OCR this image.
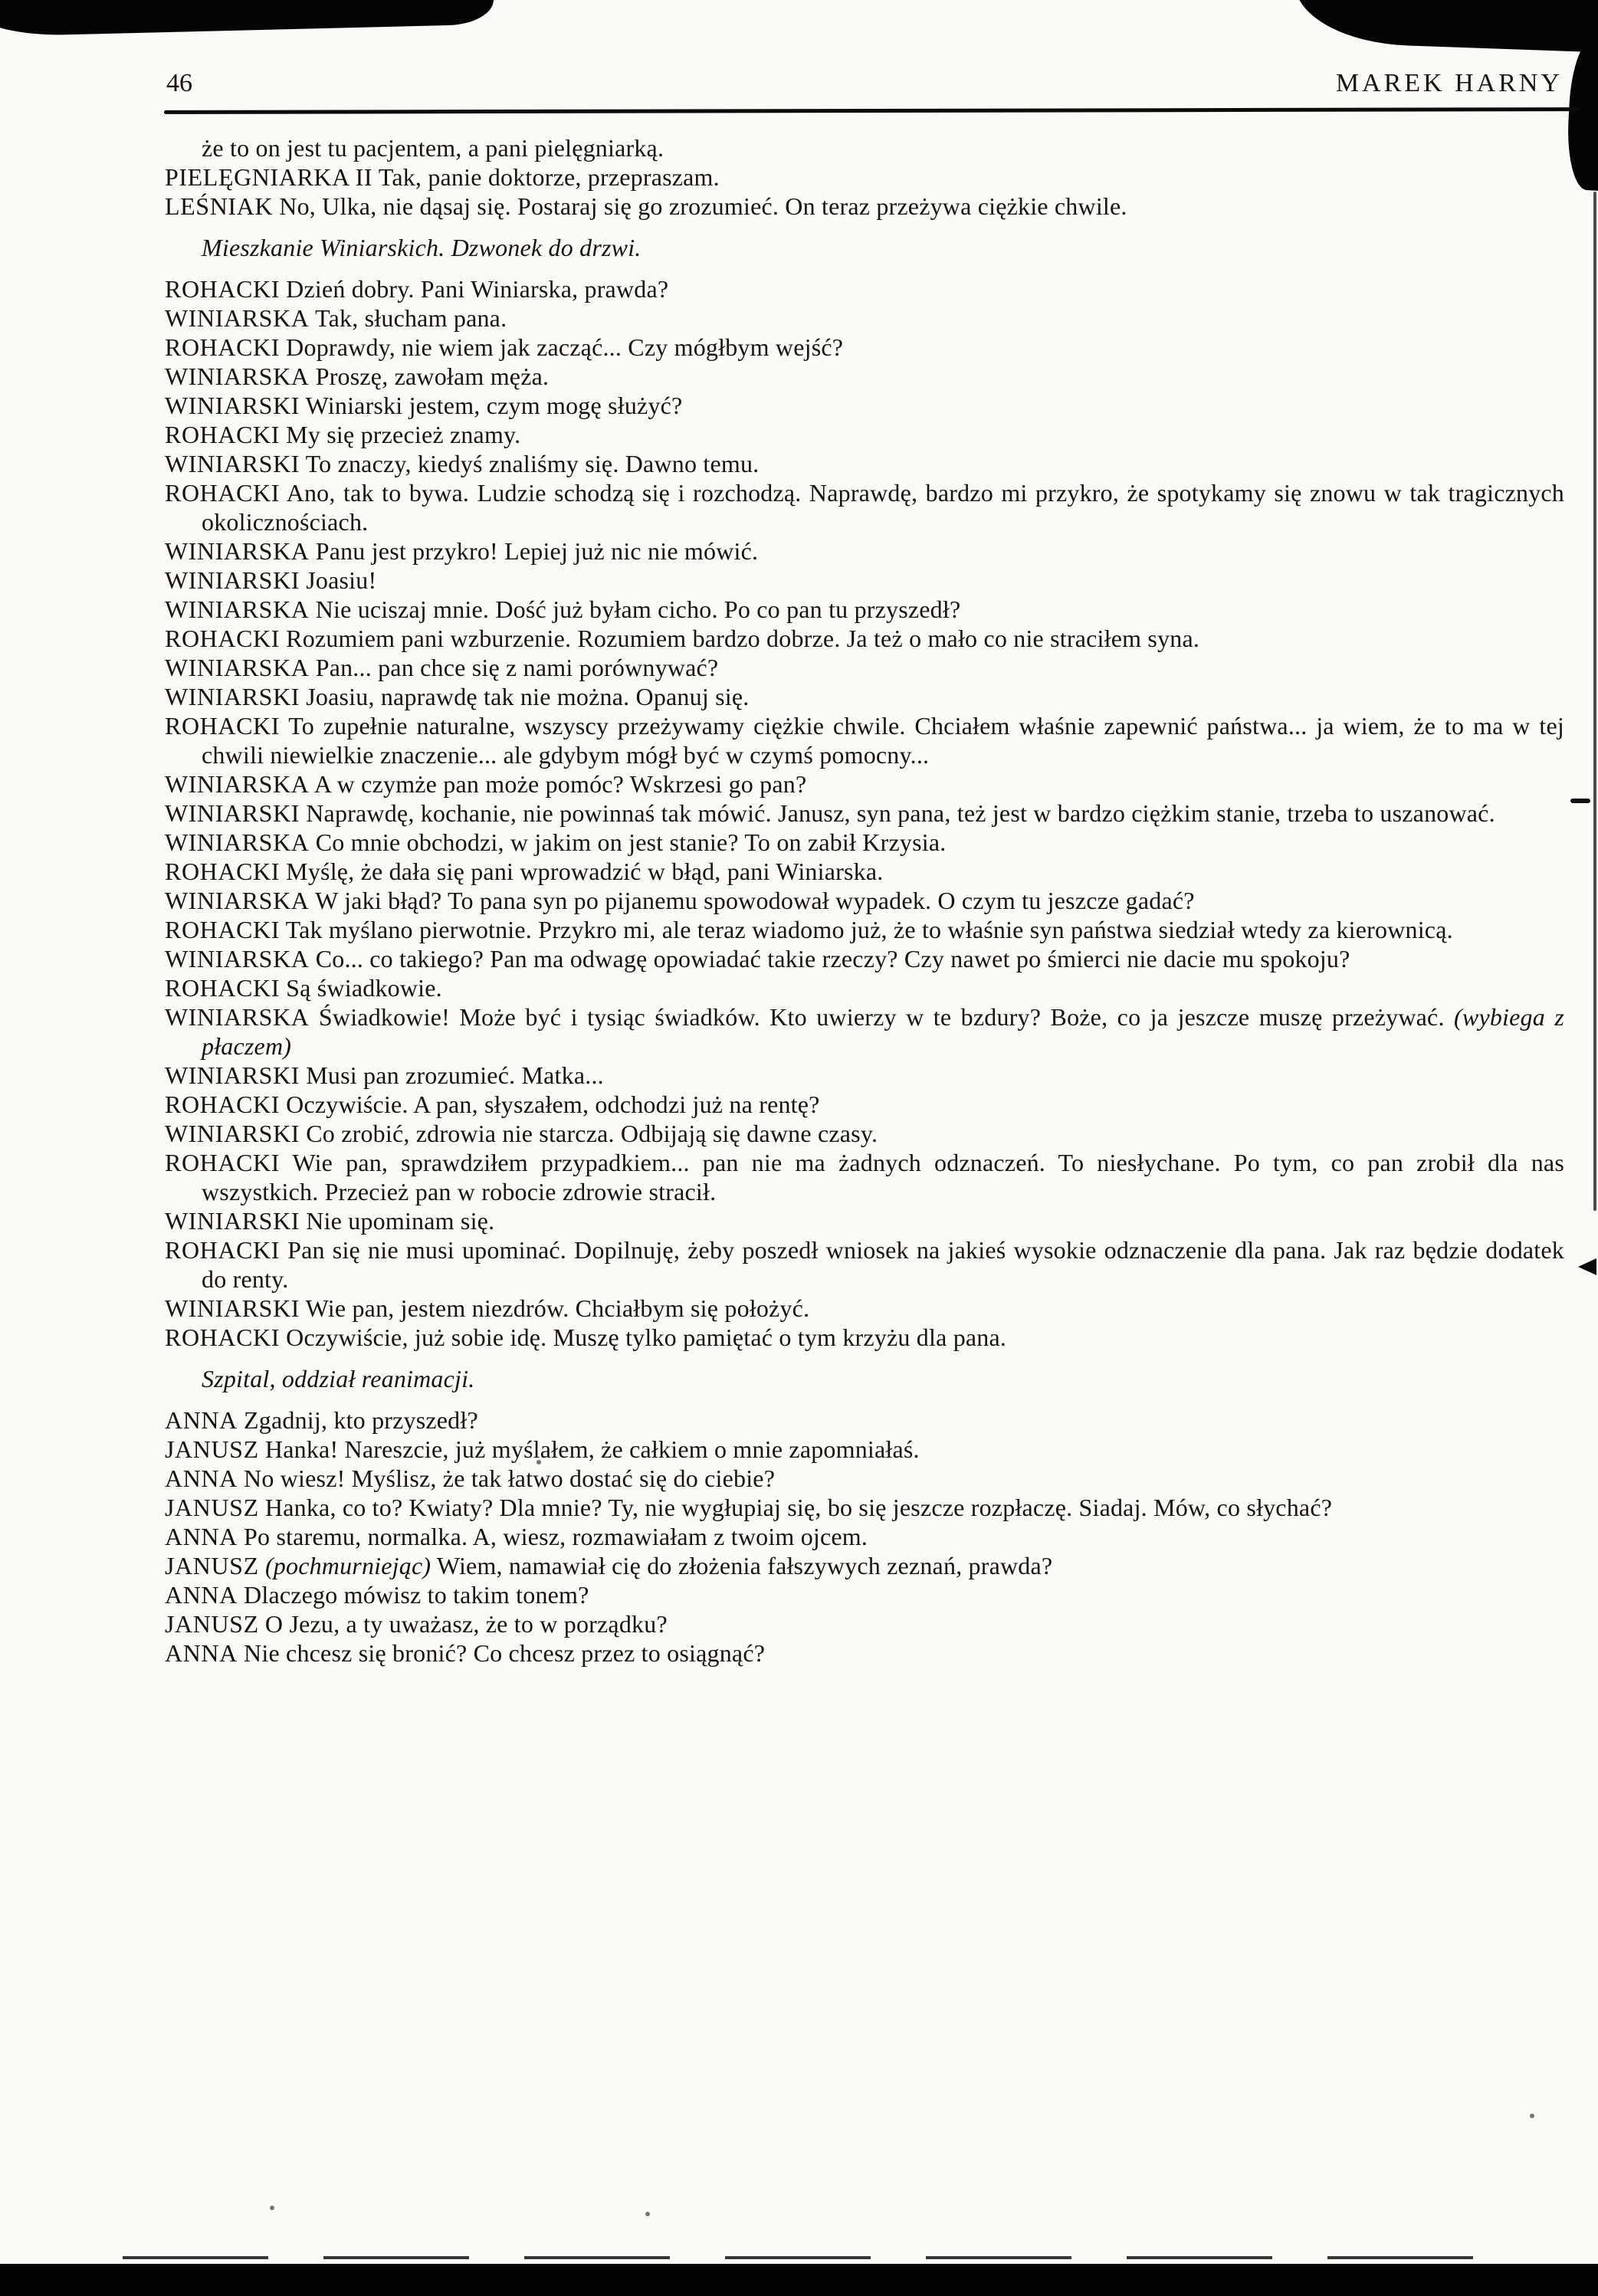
46	MAREK HARNY

że to on jest tu pacjentem, a pani pielęgniarką.

PIELĘGNIARKA II Tak, panie doktorze, przepraszam.

LEŚNIAK No, Ulka, nie dąsaj się. Postaraj się go zrozumieć. On teraz przeżywa ciężkie chwile.

Mieszkanie Winiarskich. Dzwonek do drzwi.

ROHACKI Dzień dobry. Pani Winiarska, prawda?

WINIARSKA Tak, słucham pana.

ROHACKI Doprawdy, nie wiem jak zacząć... Czy mógłbym wejść?

WINIARSKA Proszę, zawołam męża.

WINIARSKI Winiarski jestem, czym mogę służyć?

ROHACKI My się przecież znamy.

WINIARSKI To znaczy, kiedyś znaliśmy się. Dawno temu.

ROHACKI Ano, tak to bywa. Ludzie schodzą się i rozchodzą. Naprawdę, bardzo mi przykro, że spotykamy się znowu w tak tragicznych okolicznościach.

WINIARSKA Panu jest przykro! Lepiej już nic nie mówić.

WINIARSKI Joasiu!

WINIARSKA Nie uciszaj mnie. Dość już byłam cicho. Po co pan tu przyszedł?

ROHACKI Rozumiem pani wzburzenie. Rozumiem bardzo dobrze. Ja też o mało co nie straciłem syna.

WINIARSKA Pan... pan chce się z nami porównywać?

WINIARSKI Joasiu, naprawdę tak nie można. Opanuj się.

ROHACKI To zupełnie naturalne, wszyscy przeżywamy ciężkie chwile. Chciałem właśnie zapewnić państwa... ja wiem, że to ma w tej chwili niewielkie znaczenie... ale gdybym mógł być w czymś pomocny...

WINIARSKA A w czymże pan może pomóc? Wskrzesi go pan?

WINIARSKI Naprawdę, kochanie, nie powinnaś tak mówić. Janusz, syn pana, też jest w bardzo ciężkim stanie, trzeba to uszanować.

WINIARSKA Co mnie obchodzi, w jakim on jest stanie? To on zabił Krzysia.

ROHACKI Myślę, że dała się pani wprowadzić w błąd, pani Winiarska.

WINIARSKA W jaki błąd? To pana syn po pijanemu spowodował wypadek. O czym tu jeszcze gadać?

ROHACKI Tak myślano pierwotnie. Przykro mi, ale teraz wiadomo już, że to właśnie syn państwa siedział wtedy za kierownicą.

WINIARSKA Co... co takiego? Pan ma odwagę opowiadać takie rzeczy? Czy nawet po śmierci nie dacie mu spokoju?

ROHACKI Są świadkowie.

WINIARSKA Świadkowie! Może być i tysiąc świadków. Kto uwierzy w te bzdury? Boże, co ja jeszcze muszę przeżywać. (wybiega z płaczem)

WINIARSKI Musi pan zrozumieć. Matka...

ROHACKI Oczywiście. A pan, słyszałem, odchodzi już na rentę?

WINIARSKI Co zrobić, zdrowia nie starcza. Odbijają się dawne czasy.

ROHACKI Wie pan, sprawdziłem przypadkiem... pan nie ma żadnych odznaczeń. To niesłychane. Po tym, co pan zrobił dla nas wszystkich. Przecież pan w robocie zdrowie stracił.

WINIARSKI Nie upominam się.

ROHACKI Pan się nie musi upominać. Dopilnuję, żeby poszedł wniosek na jakieś wysokie odznaczenie dla pana. Jak raz będzie dodatek do renty.

WINIARSKI Wie pan, jestem niezdrów. Chciałbym się położyć.

ROHACKI Oczywiście, już sobie idę. Muszę tylko pamiętać o tym krzyżu dla pana.

Szpital, oddział reanimacji.

ANNA Zgadnij, kto przyszedł?

JANUSZ Hanka! Nareszcie, już myślałem, że całkiem o mnie zapomniałaś.

ANNA No wiesz! Myślisz, że tak łatwo dostać się do ciebie?

JANUSZ Hanka, co to? Kwiaty? Dla mnie? Ty, nie wygłupiaj się, bo się jeszcze rozpłaczę. Siadaj. Mów, co słychać?

ANNA Po staremu, normalka. A, wiesz, rozmawiałam z twoim ojcem.

JANUSZ (pochmurniejąc) Wiem, namawiał cię do złożenia fałszywych zeznań, prawda?

ANNA Dlaczego mówisz to takim tonem?

JANUSZ O Jezu, a ty uważasz, że to w porządku?

ANNA Nie chcesz się bronić? Co chcesz przez to osiągnąć?
